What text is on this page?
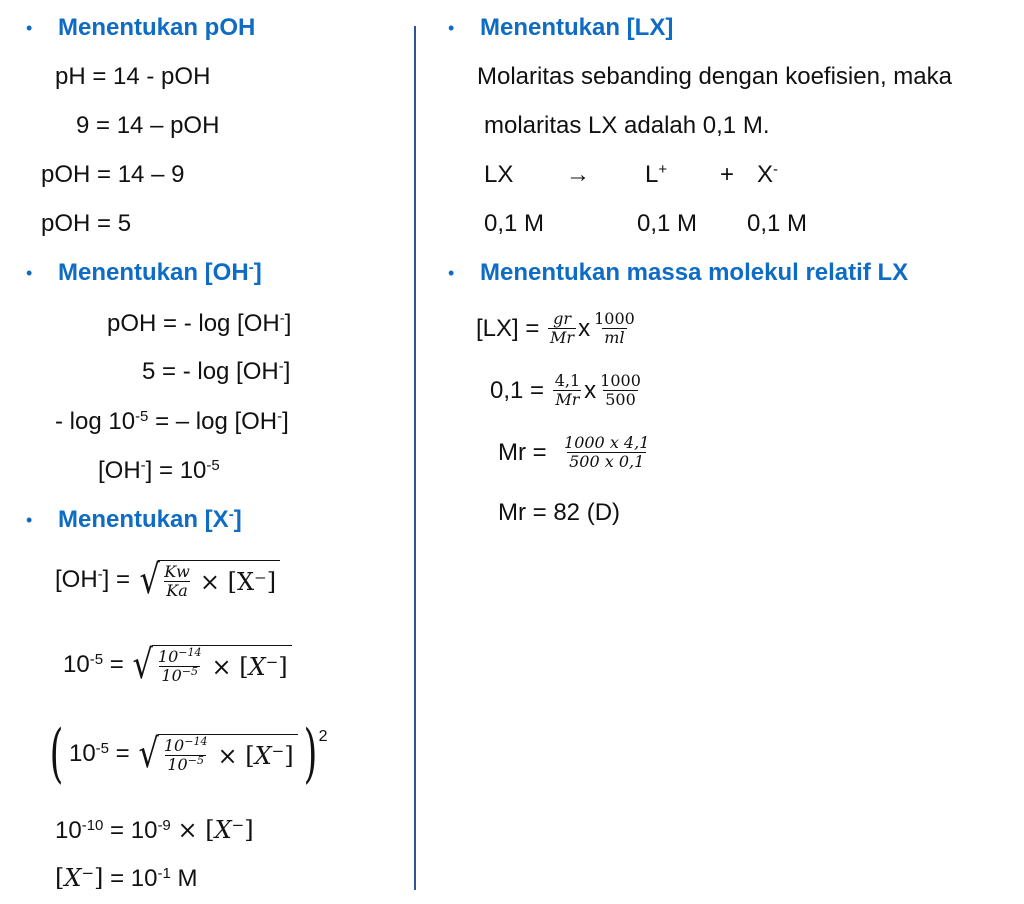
• Menentukan pOH
pH = 14 - pOH
9 = 14 – pOH
pOH = 14 – 9
pOH = 5
• Menentukan [OH-]
pOH = - log [OH-]
5 = - log [OH-]
- $\log 10^{-5}$ = – log [OH-]
$[OH^-] = 10^{-5}$
• Menentukan [X-]
[OH-] = √ $\frac{Kw}{Ka} \times [X^-]$
$10^{-5}$ = √ $\frac{10^{-14}}{10^{-5}} \times [X^-]$
( $10^{-5}$ = √ $\frac{10^{-14}}{10^{-5}} \times [X^-]$ ) 2
$10^{-10} = 10^{-9} \times [X^-]$
$[X^-] = 10^{-1}$ M
• Menentukan [LX]
Molaritas sebanding dengan koefisien, maka
molaritas LX adalah 0,1 M.
LX → L+ + X-
0,1 M	0,1 M 0,1 M
• Menentukan massa molekul relatif LX
[LX] =
$\frac{gr}{Mr}$ x $\frac{1000}{ml}$
0,1 =
$\frac{4,1}{Mr}$ x $\frac{1000}{500}$
Mr =
$\frac{1000 x 4,1}{500 x 0,1}$
Mr = 82 (D)
